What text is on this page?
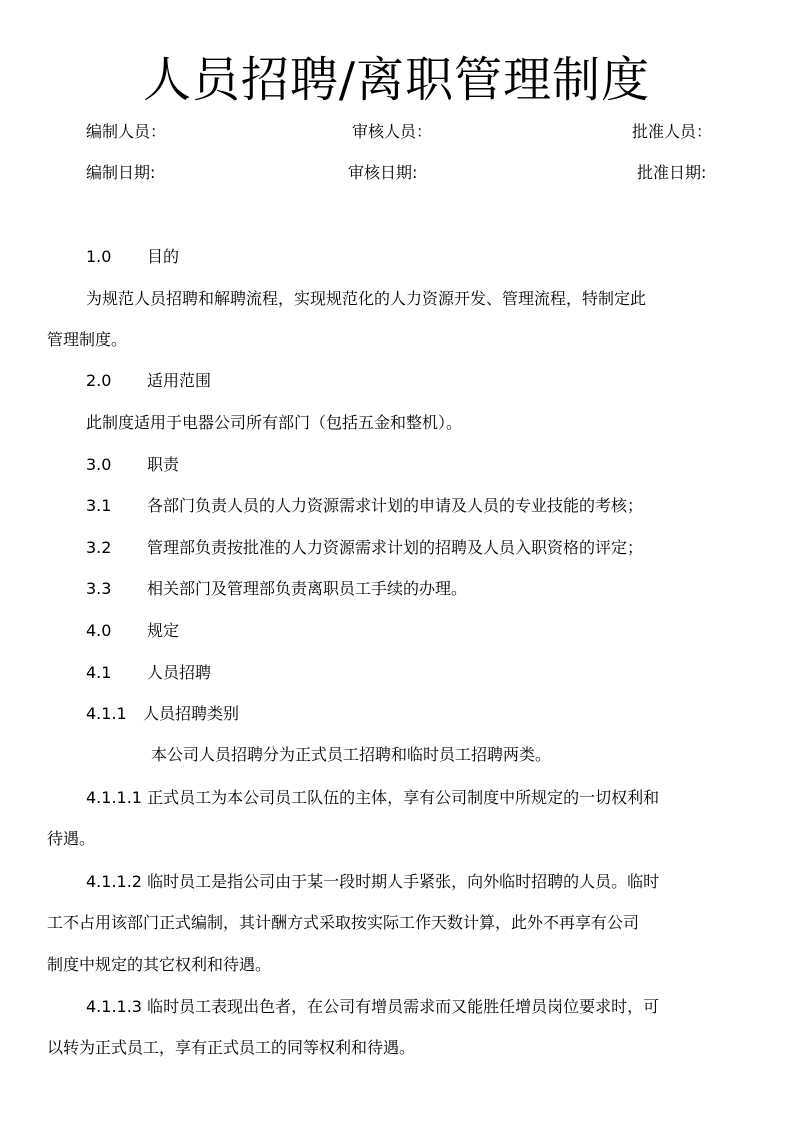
人员招聘/离职管理制度
编制人员：	审核人员：	批准人员：
编制日期:	审核日期:	批准日期:
1.0 目的
为规范人员招聘和解聘流程，实现规范化的人力资源开发、管理流程，特制定此
管理制度。
2.0 适用范围
此制度适用于电器公司所有部门（包括五金和整机）。
3.0 职责
3.1 各部门负责人员的人力资源需求计划的申请及人员的专业技能的考核；
3.2 管理部负责按批准的人力资源需求计划的招聘及人员入职资格的评定；
3.3 相关部门及管理部负责离职员工手续的办理。
4.0 规定
4.1 人员招聘
4.1.1 人员招聘类别
本公司人员招聘分为正式员工招聘和临时员工招聘两类。
4.1.1.1 正式员工为本公司员工队伍的主体，享有公司制度中所规定的一切权利和
待遇。
4.1.1.2 临时员工是指公司由于某一段时期人手紧张，向外临时招聘的人员。临时
工不占用该部门正式编制，其计酬方式采取按实际工作天数计算，此外不再享有公司
制度中规定的其它权利和待遇。
4.1.1.3 临时员工表现出色者，在公司有增员需求而又能胜任增员岗位要求时，可
以转为正式员工，享有正式员工的同等权利和待遇。
